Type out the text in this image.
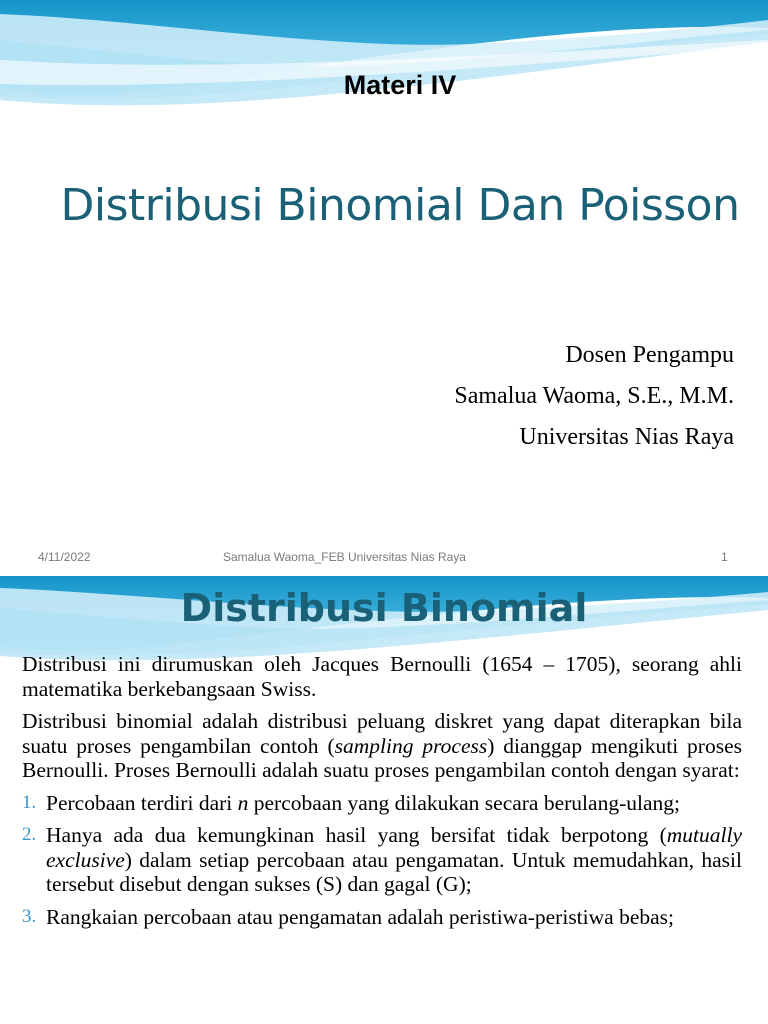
Materi IV
Distribusi Binomial Dan Poisson
Dosen Pengampu
Samalua Waoma, S.E., M.M.
Universitas Nias Raya
4/11/2022	Samalua Waoma_FEB Universitas Nias Raya	1
Distribusi Binomial

Distribusi ini dirumuskan oleh Jacques Bernoulli (1654 – 1705), seorang ahli matematika berkebangsaan Swiss.

Distribusi binomial adalah distribusi peluang diskret yang dapat diterapkan bila suatu proses pengambilan contoh (sampling process) dianggap mengikuti proses Bernoulli. Proses Bernoulli adalah suatu proses pengambilan contoh dengan syarat:

1. Percobaan terdiri dari n percobaan yang dilakukan secara berulang-ulang;
2. Hanya ada dua kemungkinan hasil yang bersifat tidak berpotong (mutually exclusive) dalam setiap percobaan atau pengamatan. Untuk memudahkan, hasil tersebut disebut dengan sukses (S) dan gagal (G);
3. Rangkaian percobaan atau pengamatan adalah peristiwa-peristiwa bebas;
